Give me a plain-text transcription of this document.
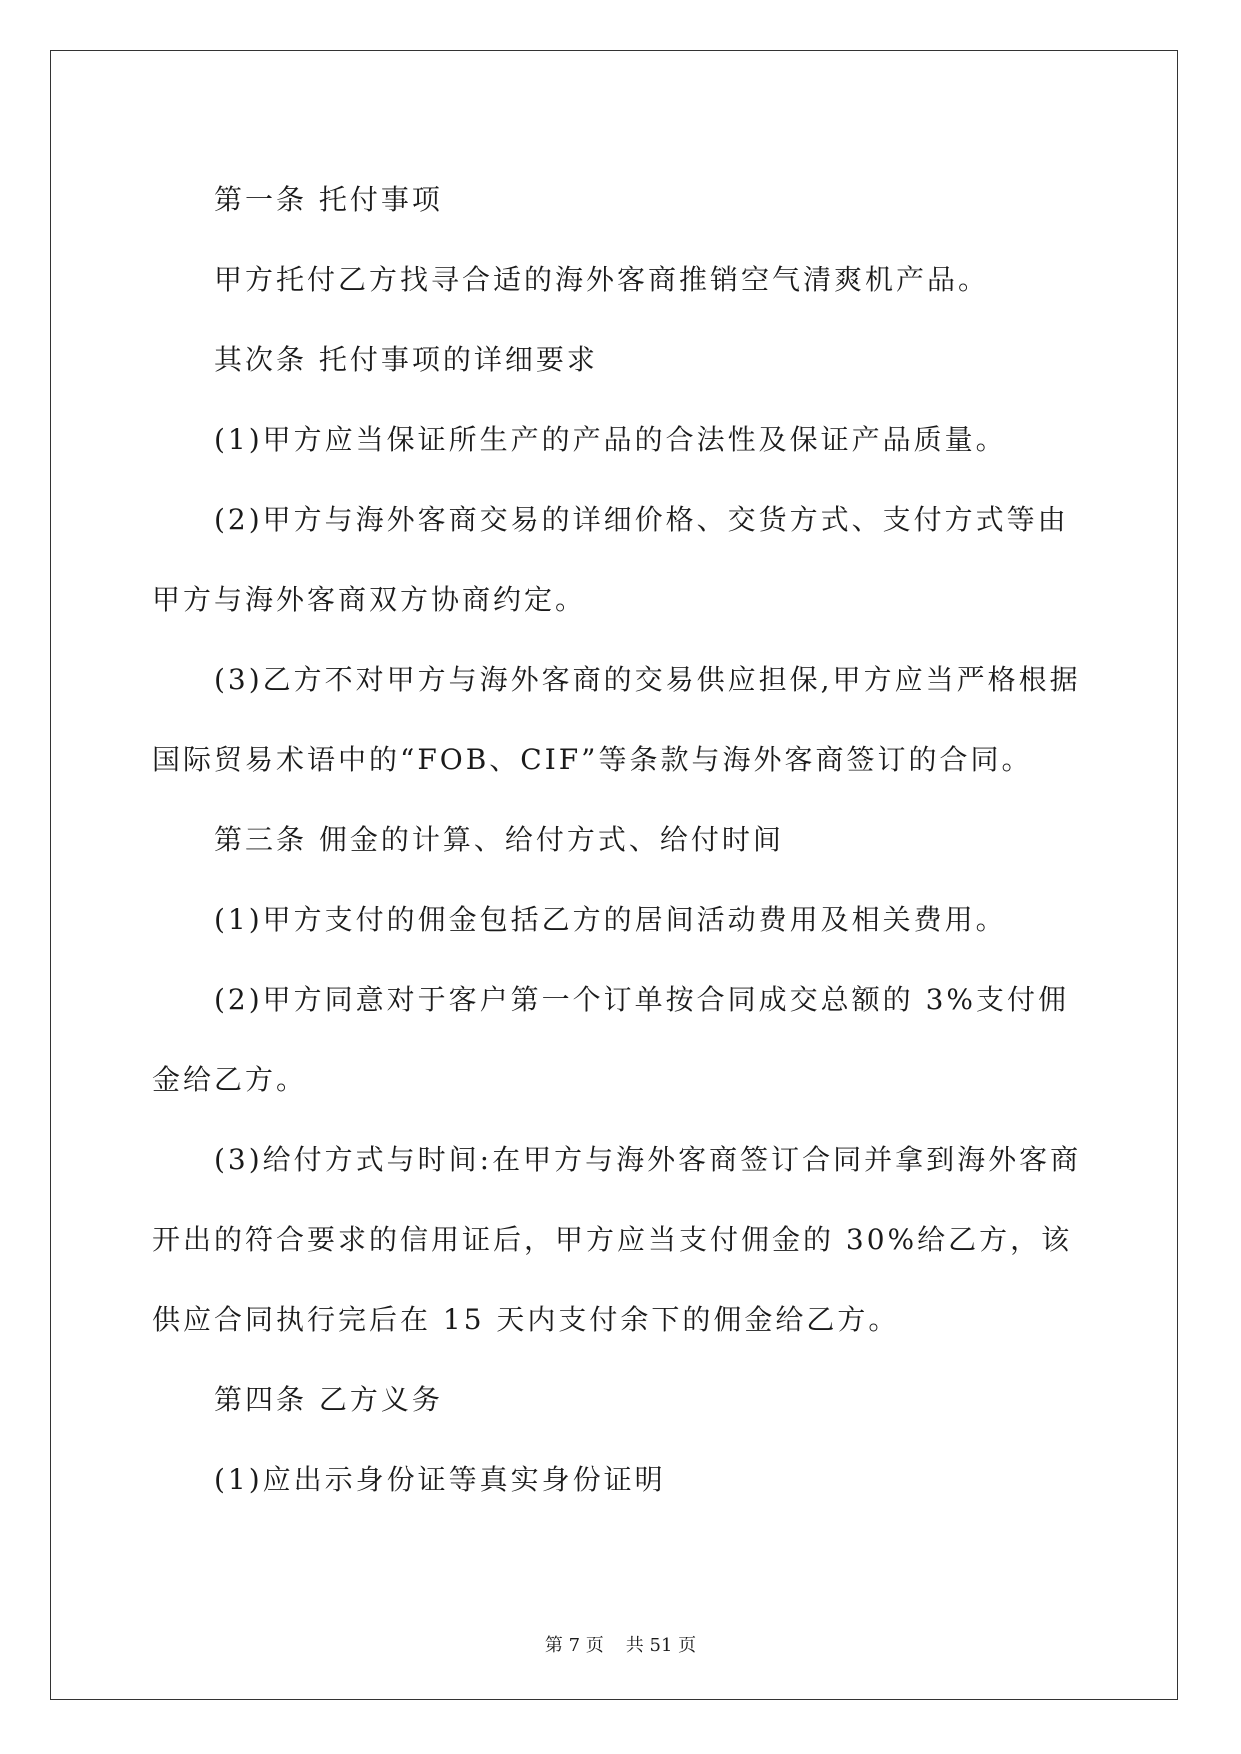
第一条 托付事项

甲方托付乙方找寻合适的海外客商推销空气清爽机产品。

其次条 托付事项的详细要求

(1)甲方应当保证所生产的产品的合法性及保证产品质量。

(2)甲方与海外客商交易的详细价格、交货方式、支付方式等由甲方与海外客商双方协商约定。

(3)乙方不对甲方与海外客商的交易供应担保,甲方应当严格根据国际贸易术语中的“FOB、CIF”等条款与海外客商签订的合同。

第三条 佣金的计算、给付方式、给付时间

(1)甲方支付的佣金包括乙方的居间活动费用及相关费用。

(2)甲方同意对于客户第一个订单按合同成交总额的 3%支付佣金给乙方。

(3)给付方式与时间:在甲方与海外客商签订合同并拿到海外客商开出的符合要求的信用证后，甲方应当支付佣金的 30%给乙方，该供应合同执行完后在 15 天内支付余下的佣金给乙方。

第四条 乙方义务

(1)应出示身份证等真实身份证明

第 7 页 共 51 页
